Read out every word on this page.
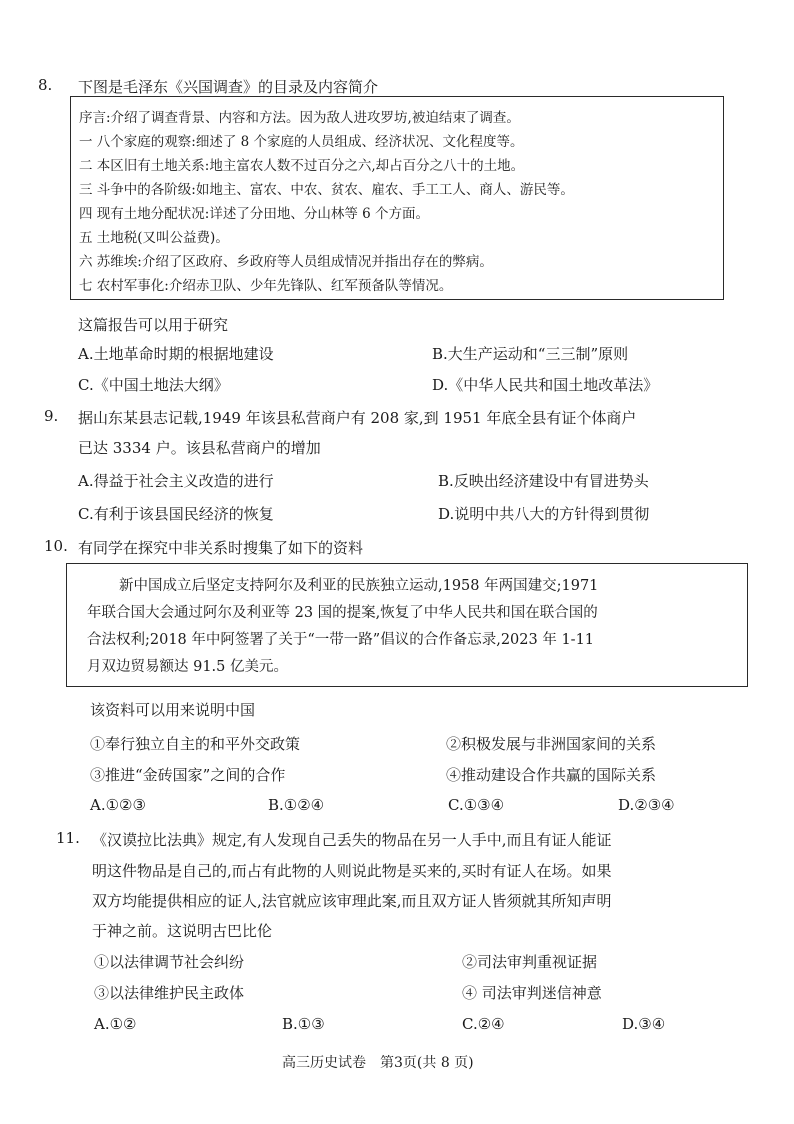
8. 下图是毛泽东《兴国调查》的目录及内容简介
序言:介绍了调查背景、内容和方法。因为敌人进攻罗坊,被迫结束了调查。
一 八个家庭的观察:细述了 8 个家庭的人员组成、经济状况、文化程度等。
二 本区旧有土地关系:地主富农人数不过百分之六,却占百分之八十的土地。
三 斗争中的各阶级:如地主、富农、中农、贫农、雇农、手工工人、商人、游民等。
四 现有土地分配状况:详述了分田地、分山林等 6 个方面。
五 土地税(又叫公益费)。
六 苏维埃:介绍了区政府、乡政府等人员组成情况并指出存在的弊病。
七 农村军事化:介绍赤卫队、少年先锋队、红军预备队等情况。
这篇报告可以用于研究
A.土地革命时期的根据地建设	B.大生产运动和“三三制”原则
C.《中国土地法大纲》	D.《中华人民共和国土地改革法》
9. 据山东某县志记载,1949 年该县私营商户有 208 家,到 1951 年底全县有证个体商户
已达 3334 户。该县私营商户的增加
A.得益于社会主义改造的进行	B.反映出经济建设中有冒进势头
C.有利于该县国民经济的恢复	D.说明中共八大的方针得到贯彻
10. 有同学在探究中非关系时搜集了如下的资料
新中国成立后坚定支持阿尔及利亚的民族独立运动,1958 年两国建交;1971
年联合国大会通过阿尔及利亚等 23 国的提案,恢复了中华人民共和国在联合国的
合法权利;2018 年中阿签署了关于“一带一路”倡议的合作备忘录,2023 年 1-11
月双边贸易额达 91.5 亿美元。
该资料可以用来说明中国
①奉行独立自主的和平外交政策	②积极发展与非洲国家间的关系
③推进“金砖国家”之间的合作	④推动建设合作共赢的国际关系
A.①②③	B.①②④	C.①③④	D.②③④
11. 《汉谟拉比法典》规定,有人发现自己丢失的物品在另一人手中,而且有证人能证
明这件物品是自己的,而占有此物的人则说此物是买来的,买时有证人在场。如果
双方均能提供相应的证人,法官就应该审理此案,而且双方证人皆须就其所知声明
于神之前。这说明古巴比伦
①以法律调节社会纠纷	②司法审判重视证据
③以法律维护民主政体	④ 司法审判迷信神意
A.①②	B.①③	C.②④	D.③④
高三历史试卷　第3页(共 8 页)
